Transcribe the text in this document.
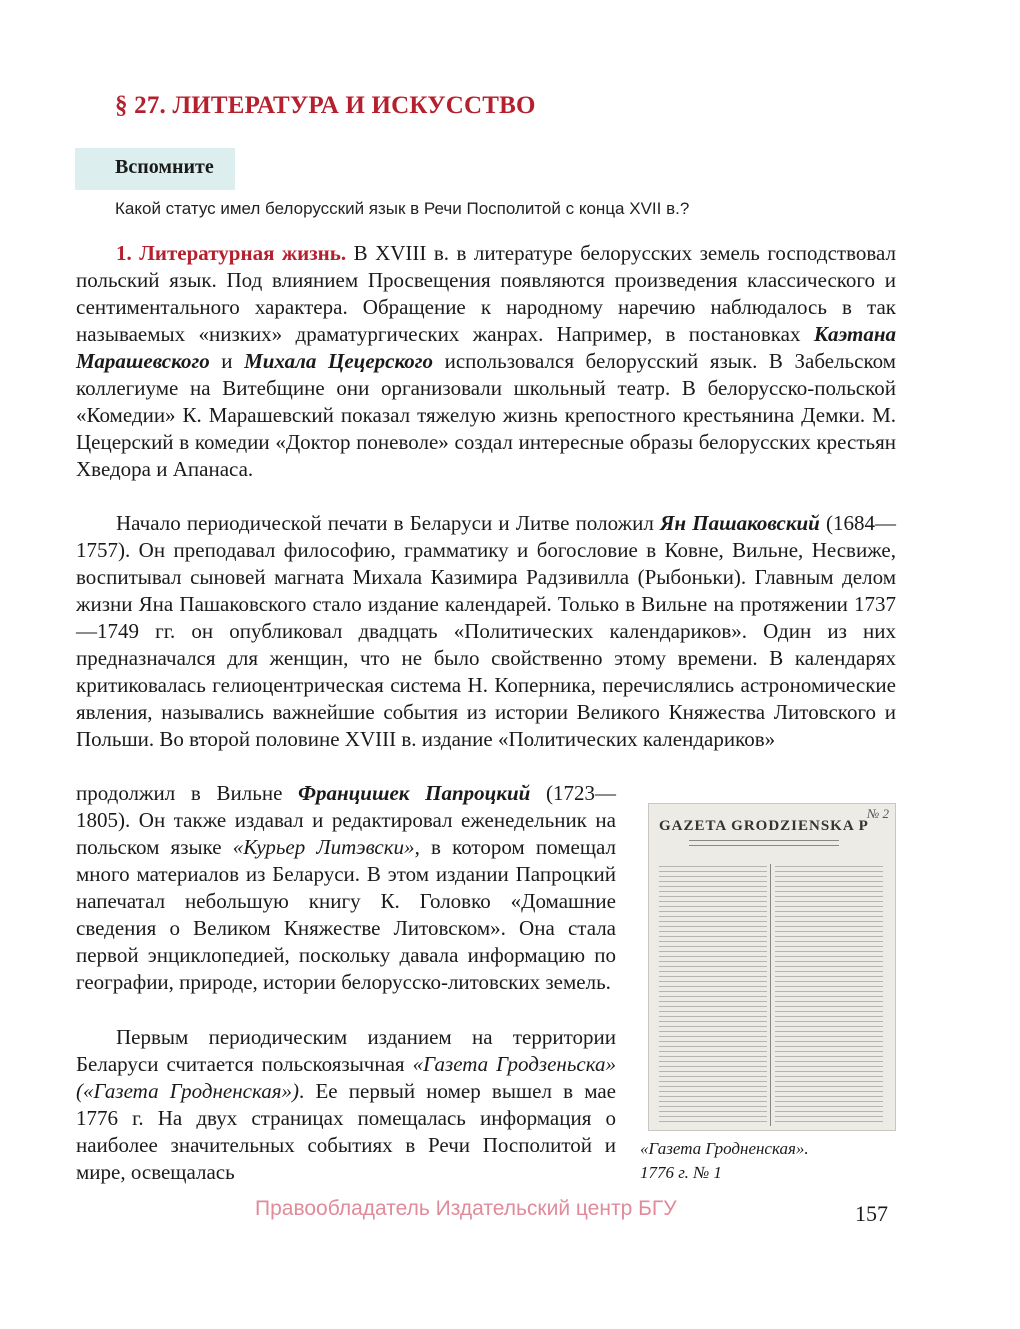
§ 27. ЛИТЕРАТУРА И ИСКУССТВО
Вспомните
Какой статус имел белорусский язык в Речи Посполитой с конца XVII в.?

1. Литературная жизнь. В XVIII в. в литературе белорусских земель господствовал польский язык. Под влиянием Просвещения появляются произведения классического и сентиментального характера. Обращение к народному наречию наблюдалось в так называемых «низких» драматургических жанрах. Например, в постановках Каэтана Марашевского и Михала Цецерского использовался белорусский язык. В Забельском коллегиуме на Витебщине они организовали школьный театр. В белорусско-польской «Комедии» К. Марашевский показал тяжелую жизнь крепостного крестьянина Демки. М. Цецерский в комедии «Доктор поневоле» создал интересные образы белорусских крестьян Хведора и Апанаса.

Начало периодической печати в Беларуси и Литве положил Ян Пашаковский (1684—1757). Он преподавал философию, грамматику и богословие в Ковне, Вильне, Несвиже, воспитывал сыновей магната Михала Казимира Радзивилла (Рыбоньки). Главным делом жизни Яна Пашаковского стало издание календарей. Только в Вильне на протяжении 1737—1749 гг. он опубликовал двадцать «Политических календариков». Один из них предназначался для женщин, что не было свойственно этому времени. В календарях критиковалась гелиоцентрическая система Н. Коперника, перечислялись астрономические явления, назывались важнейшие события из истории Великого Княжества Литовского и Польши. Во второй половине XVIII в. издание «Политических календариков»

продолжил в Вильне Францишек Папроцкий (1723—1805). Он также издавал и редактировал еженедельник на польском языке «Курьер Литэвски», в котором помещал много материалов из Беларуси. В этом издании Папроцкий напечатал небольшую книгу К. Головко «Домашние сведения о Великом Княжестве Литовском». Она стала первой энциклопедией, поскольку давала информацию по географии, природе, истории белорусско-литовских земель.

Первым периодическим изданием на территории Беларуси считается польскоязычная «Газета Гродзеньска» («Газета Гродненская»). Ее первый номер вышел в мае 1776 г. На двух страницах помещалась информация о наиболее значительных событиях в Речи Посполитой и мире, освещалась

№ 2
GAZETA GRODZIENSKA P
«Газета Гродненская».
1776 г. № 1
Правообладатель Издательский центр БГУ	157
